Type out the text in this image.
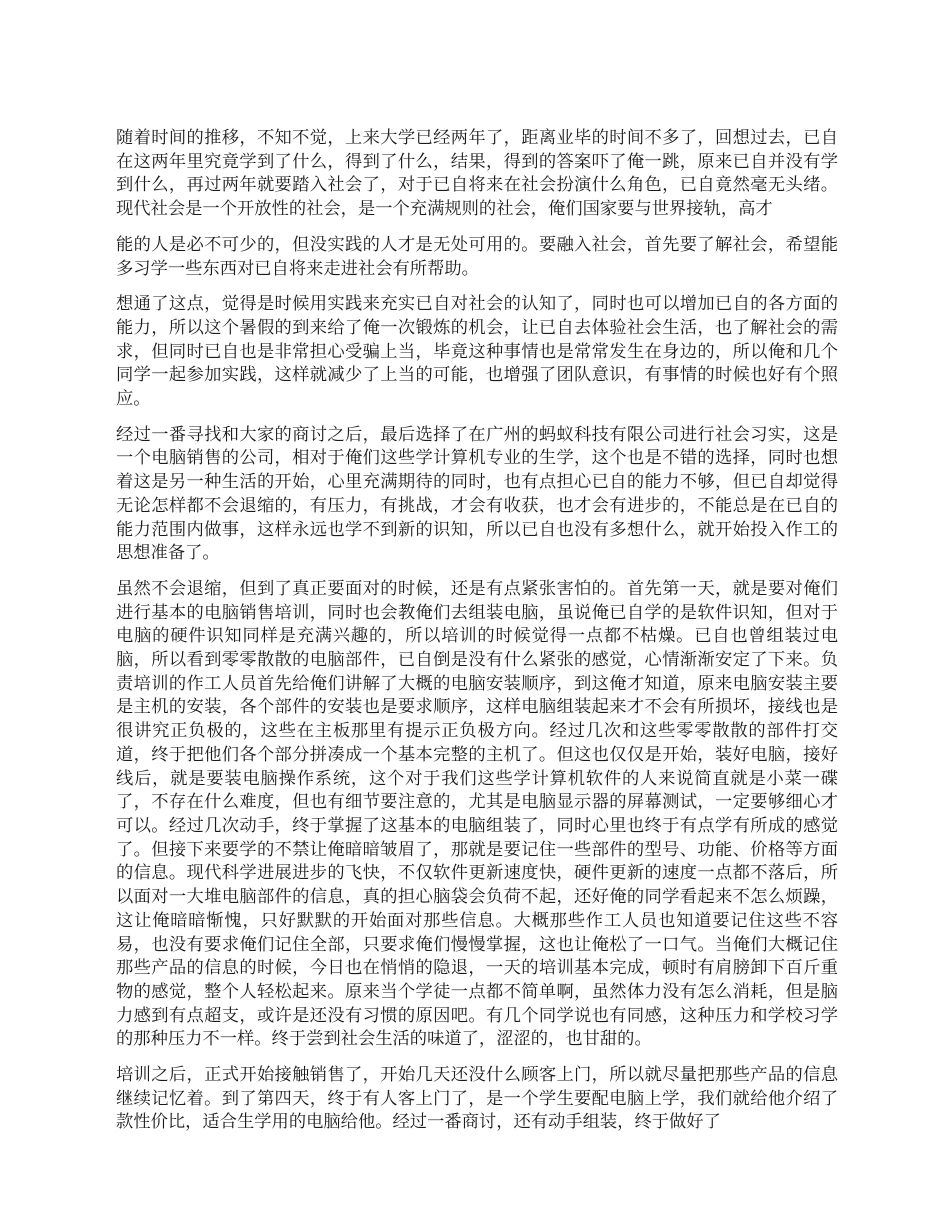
随着时间的推移，不知不觉，上来大学已经两年了，距离业毕的时间不多了，回想过去，已自在这两年里究竟学到了什么，得到了什么，结果，得到的答案吓了俺一跳，原来已自并没有学到什么，再过两年就要踏入社会了，对于已自将来在社会扮演什么角色，已自竟然毫无头绪。现代社会是一个开放性的社会，是一个充满规则的社会，俺们国家要与世界接轨，高才

能的人是必不可少的，但没实践的人才是无处可用的。要融入社会，首先要了解社会，希望能多习学一些东西对已自将来走进社会有所帮助。

想通了这点，觉得是时候用实践来充实已自对社会的认知了，同时也可以增加已自的各方面的能力，所以这个暑假的到来给了俺一次锻炼的机会，让已自去体验社会生活，也了解社会的需求，但同时已自也是非常担心受骗上当，毕竟这种事情也是常常发生在身边的，所以俺和几个同学一起参加实践，这样就减少了上当的可能，也增强了团队意识，有事情的时候也好有个照应。

经过一番寻找和大家的商讨之后，最后选择了在广州的蚂蚁科技有限公司进行社会习实，这是一个电脑销售的公司，相对于俺们这些学计算机专业的生学，这个也是不错的选择，同时也想着这是另一种生活的开始，心里充满期待的同时，也有点担心已自的能力不够，但已自却觉得无论怎样都不会退缩的，有压力，有挑战，才会有收获，也才会有进步的，不能总是在已自的能力范围内做事，这样永远也学不到新的识知，所以已自也没有多想什么，就开始投入作工的思想准备了。

虽然不会退缩，但到了真正要面对的时候，还是有点紧张害怕的。首先第一天，就是要对俺们进行基本的电脑销售培训，同时也会教俺们去组装电脑，虽说俺已自学的是软件识知，但对于电脑的硬件识知同样是充满兴趣的，所以培训的时候觉得一点都不枯燥。已自也曾组装过电脑，所以看到零零散散的电脑部件，已自倒是没有什么紧张的感觉，心情渐渐安定了下来。负责培训的作工人员首先给俺们讲解了大概的电脑安装顺序，到这俺才知道，原来电脑安装主要是主机的安装，各个部件的安装也是要求顺序，这样电脑组装起来才不会有所损坏，接线也是很讲究正负极的，这些在主板那里有提示正负极方向。经过几次和这些零零散散的部件打交道，终于把他们各个部分拼凑成一个基本完整的主机了。但这也仅仅是开始，装好电脑，接好线后，就是要装电脑操作系统，这个对于我们这些学计算机软件的人来说简直就是小菜一碟了，不存在什么难度，但也有细节要注意的，尤其是电脑显示器的屏幕测试，一定要够细心才可以。经过几次动手，终于掌握了这基本的电脑组装了，同时心里也终于有点学有所成的感觉了。但接下来要学的不禁让俺暗暗皱眉了，那就是要记住一些部件的型号、功能、价格等方面的信息。现代科学进展进步的飞快，不仅软件更新速度快，硬件更新的速度一点都不落后，所以面对一大堆电脑部件的信息，真的担心脑袋会负荷不起，还好俺的同学看起来不怎么烦躁，这让俺暗暗惭愧，只好默默的开始面对那些信息。大概那些作工人员也知道要记住这些不容易，也没有要求俺们记住全部，只要求俺们慢慢掌握，这也让俺松了一口气。当俺们大概记住那些产品的信息的时候，今日也在悄悄的隐退，一天的培训基本完成，顿时有肩膀卸下百斤重物的感觉，整个人轻松起来。原来当个学徒一点都不简单啊，虽然体力没有怎么消耗，但是脑力感到有点超支，或许是还没有习惯的原因吧。有几个同学说也有同感，这种压力和学校习学的那种压力不一样。终于尝到社会生活的味道了，涩涩的，也甘甜的。

培训之后，正式开始接触销售了，开始几天还没什么顾客上门，所以就尽量把那些产品的信息继续记忆着。到了第四天，终于有人客上门了，是一个学生要配电脑上学，我们就给他介绍了款性价比，适合生学用的电脑给他。经过一番商讨，还有动手组装，终于做好了
